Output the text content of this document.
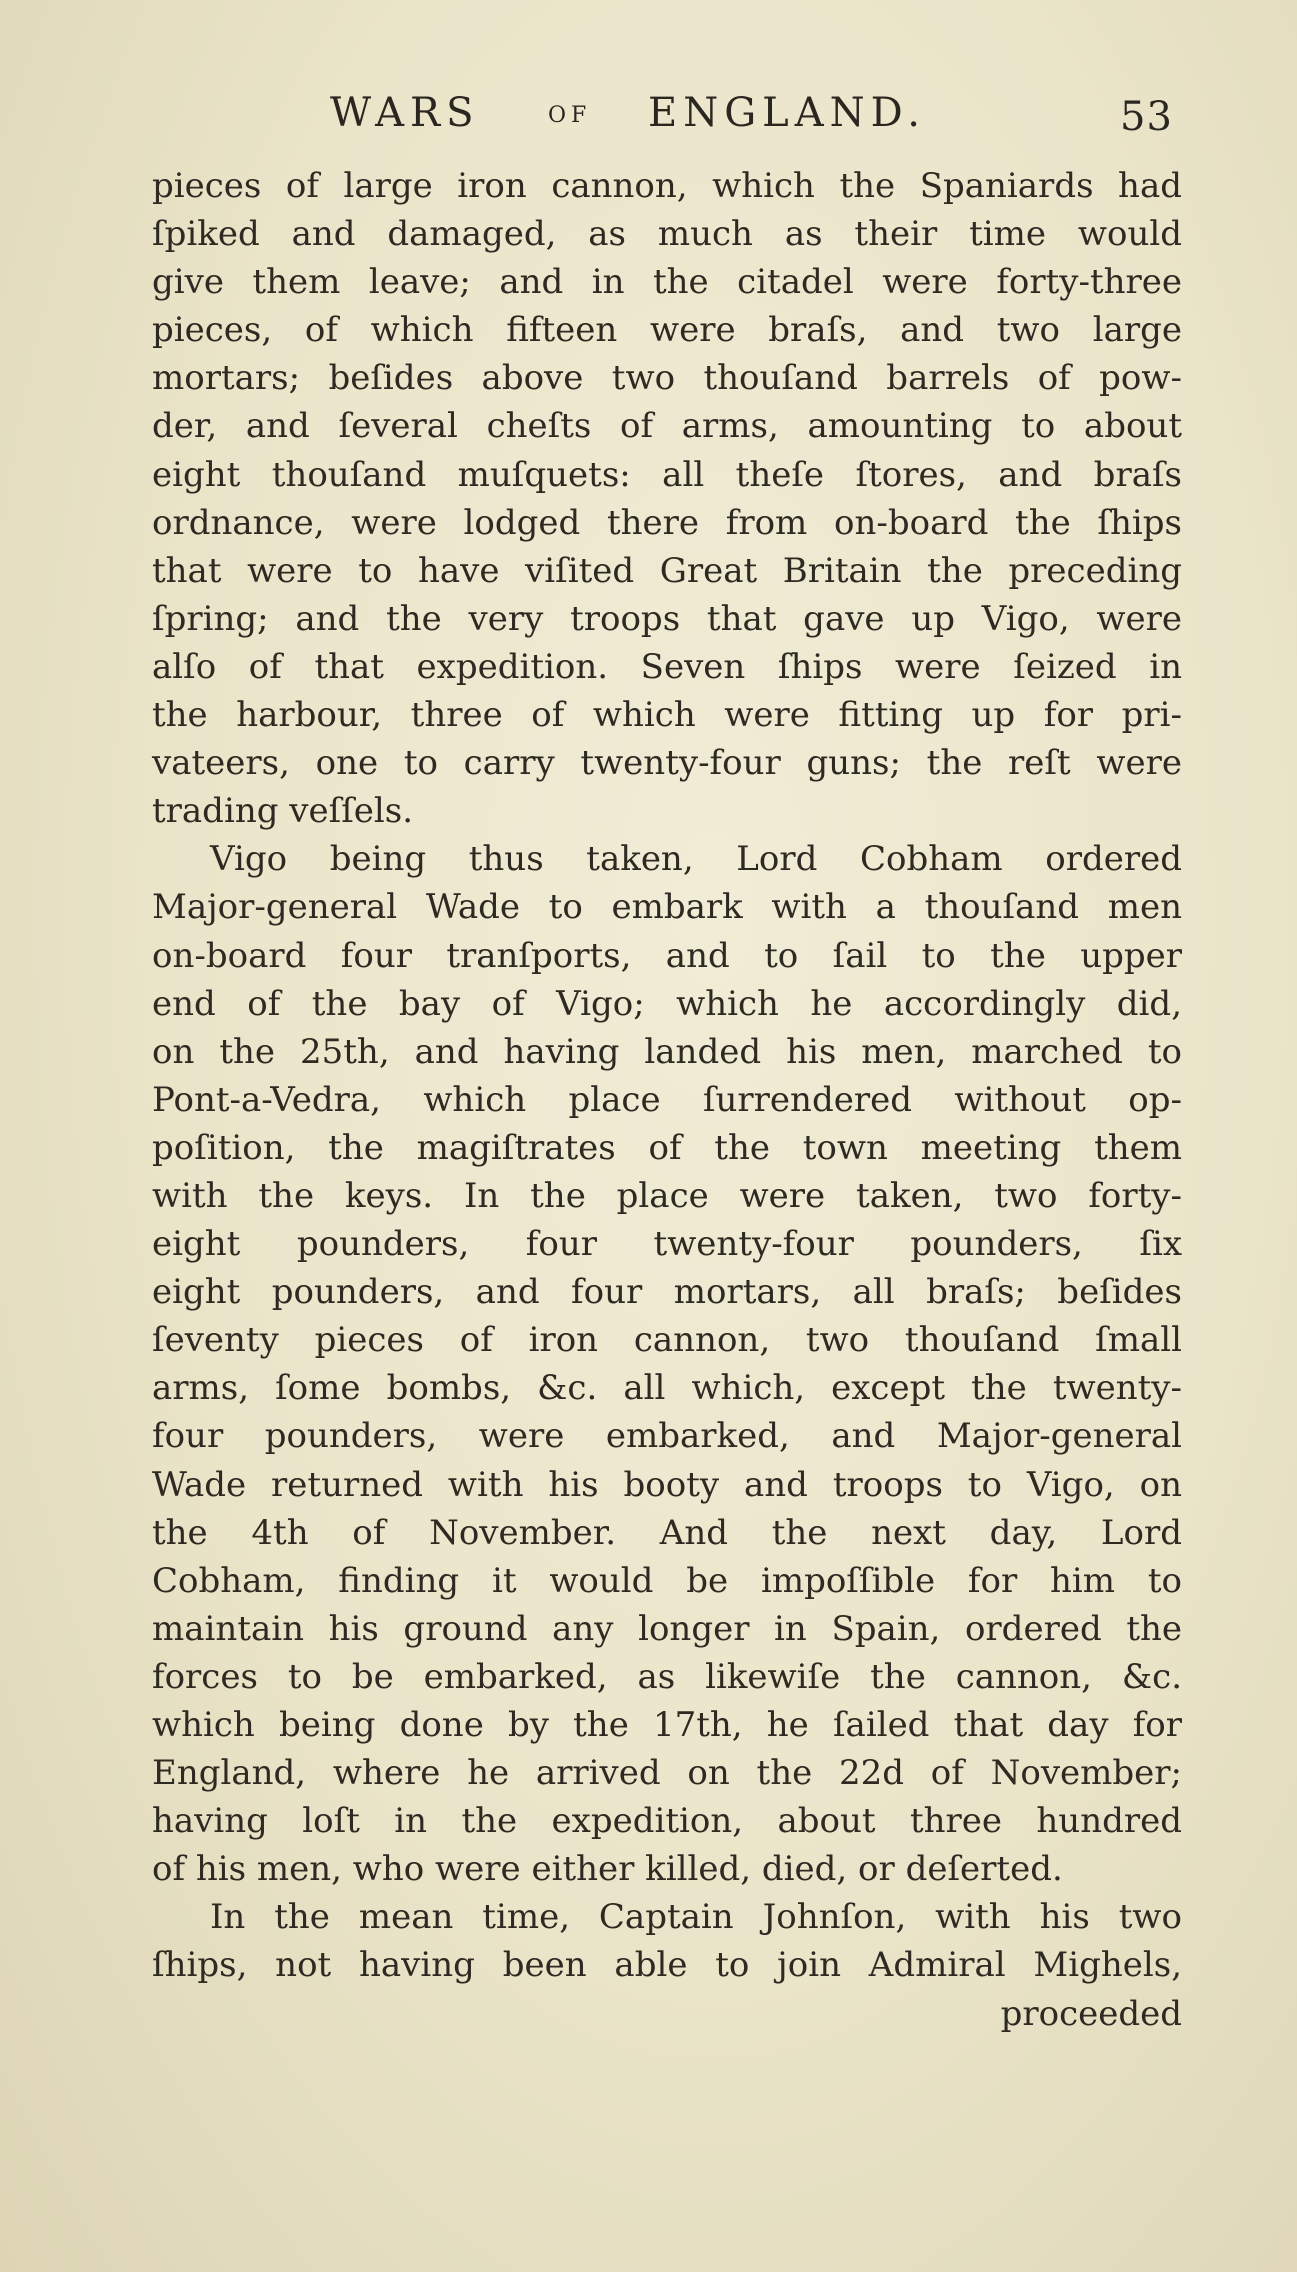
WARS	OF ENGLAND.	53
pieces of large iron cannon, which the Spaniards had
ſpiked and damaged, as much as their time would
give them leave; and in the citadel were forty-three
pieces, of which fifteen were braſs, and two large
mortars; beſides above two thouſand barrels of pow-
der, and ſeveral cheſts of arms, amounting to about
eight thouſand muſquets: all theſe ſtores, and braſs
ordnance, were lodged there from on-board the ſhips
that were to have viſited Great Britain the preceding
ſpring; and the very troops that gave up Vigo, were
alſo of that expedition. Seven ſhips were ſeized in
the harbour, three of which were fitting up for pri-
vateers, one to carry twenty-four guns; the reſt were
trading veſſels.
Vigo being thus taken, Lord Cobham ordered
Major-general Wade to embark with a thouſand men
on-board four tranſports, and to ſail to the upper
end of the bay of Vigo; which he accordingly did,
on the 25th, and having landed his men, marched to
Pont-a-Vedra, which place ſurrendered without op-
poſition, the magiſtrates of the town meeting them
with the keys. In the place were taken, two forty-
eight pounders, four twenty-four pounders, ſix
eight pounders, and four mortars, all braſs; beſides
ſeventy pieces of iron cannon, two thouſand ſmall
arms, ſome bombs, &c. all which, except the twenty-
four pounders, were embarked, and Major-general
Wade returned with his booty and troops to Vigo, on
the 4th of November. And the next day, Lord
Cobham, finding it would be impoſſible for him to
maintain his ground any longer in Spain, ordered the
forces to be embarked, as likewiſe the cannon, &c.
which being done by the 17th, he ſailed that day for
England, where he arrived on the 22d of November;
having loſt in the expedition, about three hundred
of his men, who were either killed, died, or deſerted.
In the mean time, Captain Johnſon, with his two
ſhips, not having been able to join Admiral Mighels,
proceeded
